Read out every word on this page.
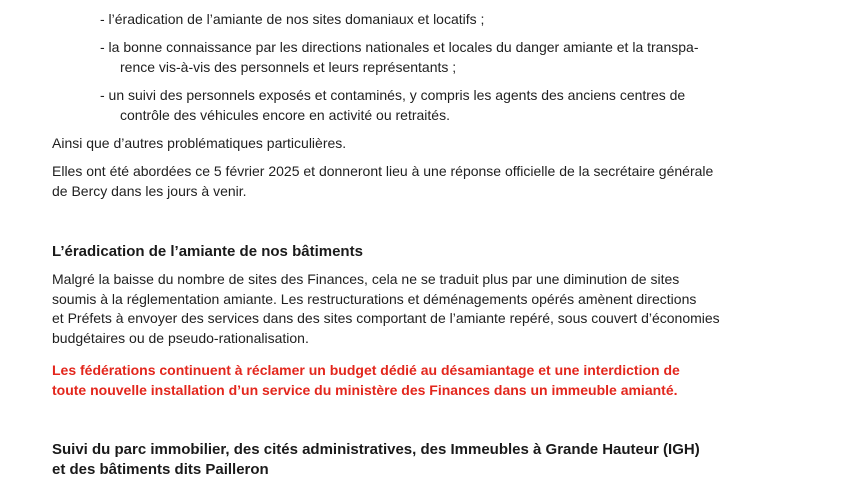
- l’éradication de l’amiante de nos sites domaniaux et locatifs ;

- la bonne connaissance par les directions nationales et locales du danger amiante et la transpa-
rence vis-à-vis des personnels et leurs représentants ;

- un suivi des personnels exposés et contaminés, y compris les agents des anciens centres de
contrôle des véhicules encore en activité ou retraités.

Ainsi que d’autres problématiques particulières.

Elles ont été abordées ce 5 février 2025 et donneront lieu à une réponse officielle de la secrétaire générale
de Bercy dans les jours à venir.

L’éradication de l’amiante de nos bâtiments

Malgré la baisse du nombre de sites des Finances, cela ne se traduit plus par une diminution de sites
soumis à la réglementation amiante. Les restructurations et déménagements opérés amènent directions
et Préfets à envoyer des services dans des sites comportant de l’amiante repéré, sous couvert d’économies
budgétaires ou de pseudo-rationalisation.

Les fédérations continuent à réclamer un budget dédié au désamiantage et une interdiction de
toute nouvelle installation d’un service du ministère des Finances dans un immeuble amianté.

Suivi du parc immobilier, des cités administratives, des Immeubles à Grande Hauteur (IGH)
et des bâtiments dits Pailleron
